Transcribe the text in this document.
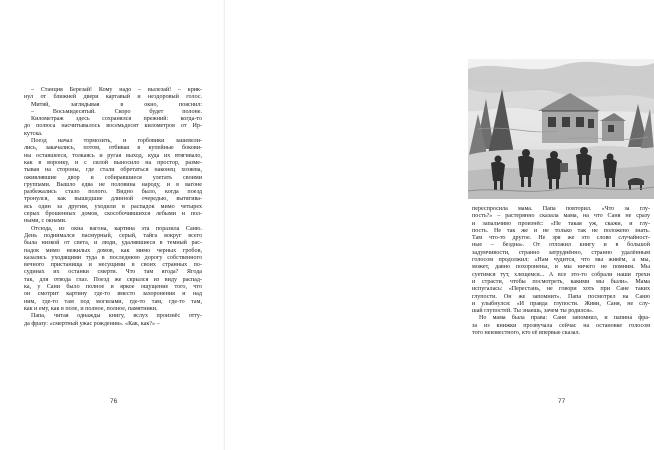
– Станция Березай! Кому надо – вылезай! – крик-
нул от ближней двери картавый и нездоровый голос.
Митяй, заглядывая в окно, пояснил:
– Восьмидесятый. Скоро будет полоне.
Километраж здесь сохранялся прежний: когда-то
до полюса насчитывалось восемьдесят километров от Ир-
кутска.
Поезд начал тормозить, и горбовики зашевели-
лись, закачались, потом, отбивая в купейные бокови-
ны оставшееся, толкаясь и ругая выход, куда их втягивало,
как в воронку, и с силой выносило на простор, разме-
тывая на стороны, где стали обретаться наконец хозяева,
оживлявшие двор и собиравшиеся улетать своими
группами. Вышло едва не половина народу, и в вагоне
разбежались стало полого. Видно было, когда поезд
тронулся, как вышедшие длинной очередью, вытягива-
ясь один за другим, уходили в распадок мимо четырех
серых брошенных домов, скособочившихся лебыми и пол-
ными, с окнами.
Отсюда, из окна вагона, картина эта поразила Саню.
День поднимался пасмурный, серый, тайга вокруг всего
была низкой от света, и люди, удалявшиеся в темный рас-
падок мимо нежилых домов, как мимо черных гробов,
казались уходящими туда в последнюю дорогу собственного
вечного пристанища и несущими в своих странных по-
судинах их останки смерти. Что там ягода? Ягода
так, для отвода глаз. Поезд же скрылся из виду распад-
ка, у Сани было полное и яркое ощущение того, что
он смотрит картину где-то вместо захоронения и над
ним, где-то там под могилами, где-то там, где-то там,
как и ему, как в поле, и полное, полное, памятники.
Папа, читая однажды книгу, вслух произнёс отту-
да фразу: «смертный ужас рождения». «Как, как?» –
76
переспросила мама. Папа повторил. «Что за глу-
пость?» – растерянно сказала мама, на что Саня не сразу
и запальчиво произнёс: «Не такая уж, скажи, и глу-
пость. Не так же и не только так не положено знать.
Там что-то другое. Не зря же это слово случайност-
ные – бездна». От отложил книгу и в большой
задумчивости, странно затруднённо, странно удалённым
голосом продолжил: «Нам чудится, что мы живём, а мы,
может, давно похоронены, и мы ничего не помним. Мы
суетимся тут, хлещемся... А все это-то собрали наши грехи
и страсти, чтобы посмотреть, какими мы были». Мама
испугалась: «Перестань, не говори хоть при Сане таких
глупости. Он же запомнит». Папа посмотрел на Саню
и улыбнулся: «И правда глупости. Живи, Саня, не слу-
шай глупостей. Ты знаешь, зачем ты родился».
Но мама была права: Саня запомнил, и папина фра-
за из книжки прозвучала сейчас на остановке голосом
того неизвестного, кто её впервые сказал.
77
